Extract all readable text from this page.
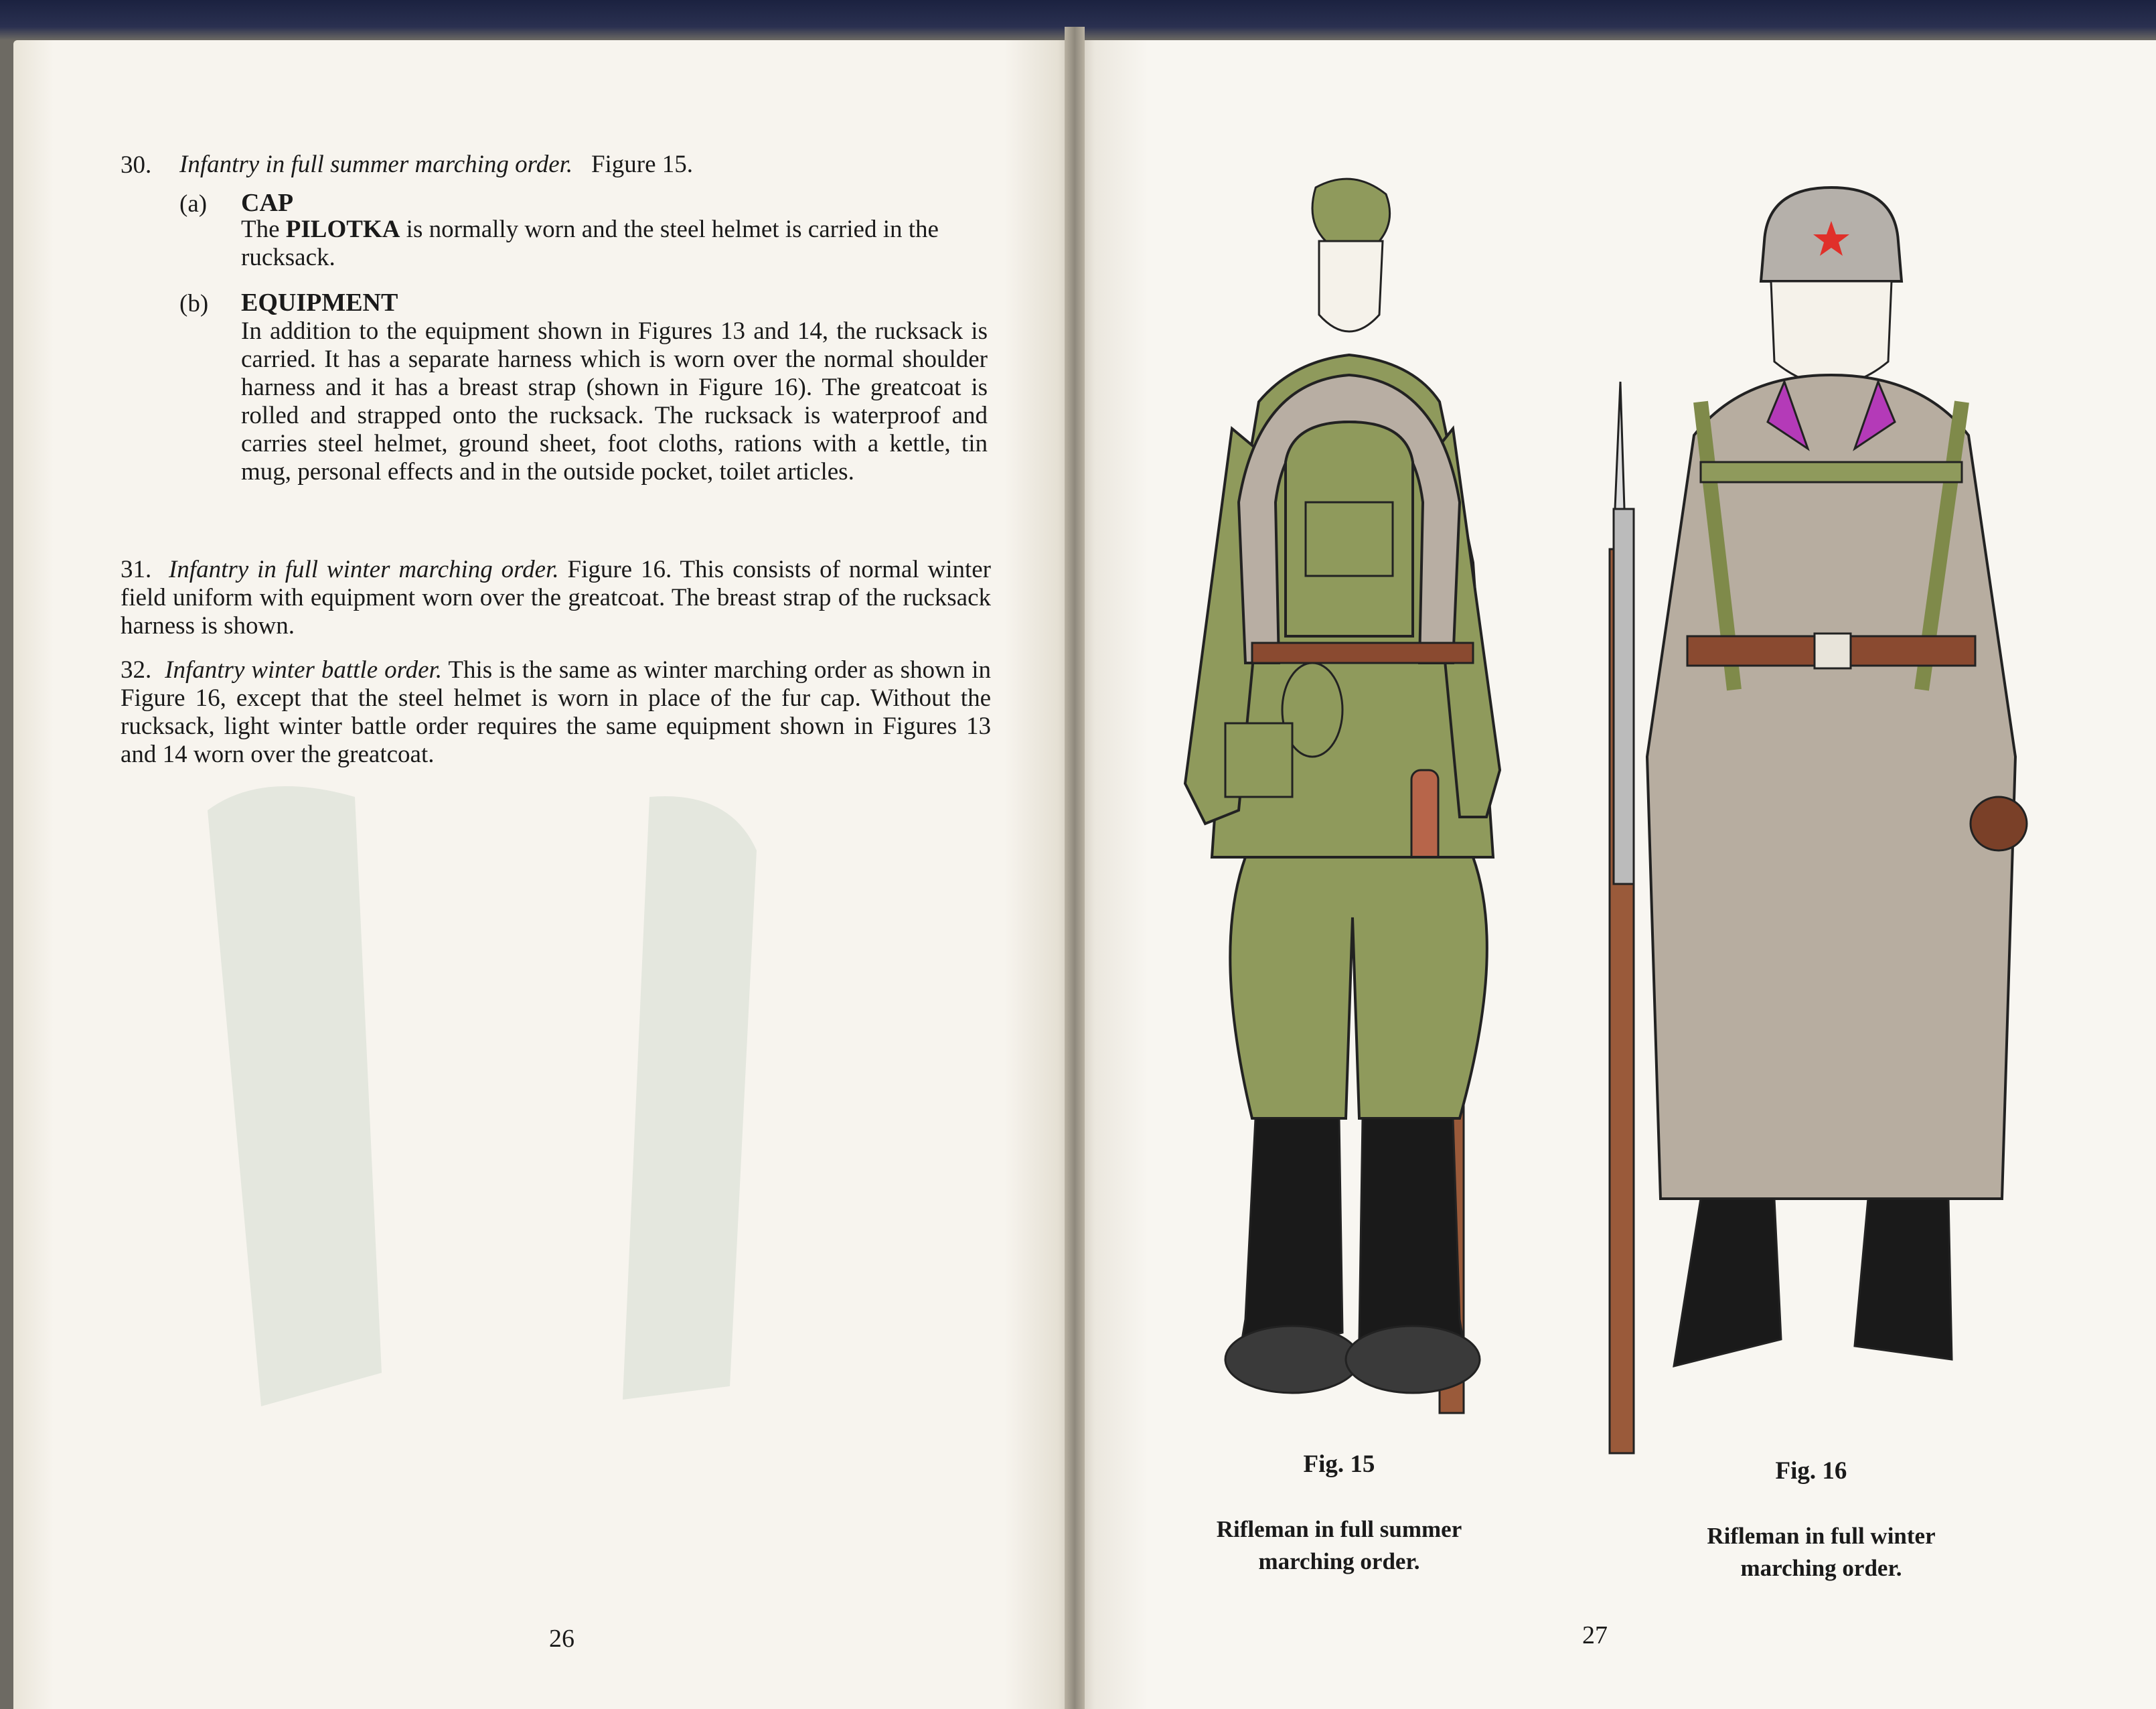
30. Infantry in full summer marching order. Figure 15.
(a) CAP
The PILOTKA is normally worn and the steel helmet is carried in the rucksack.
(b) EQUIPMENT
In addition to the equipment shown in Figures 13 and 14, the rucksack is carried. It has a separate harness which is worn over the normal shoulder harness and it has a breast strap (shown in Figure 16). The greatcoat is rolled and strapped onto the rucksack. The rucksack is waterproof and carries steel helmet, ground sheet, foot cloths, rations with a kettle, tin mug, personal effects and in the outside pocket, toilet articles.
31. Infantry in full winter marching order. Figure 16. This consists of normal winter field uniform with equipment worn over the greatcoat. The breast strap of the rucksack harness is shown.
32. Infantry winter battle order. This is the same as winter marching order as shown in Figure 16, except that the steel helmet is worn in place of the fur cap. Without the rucksack, light winter battle order requires the same equipment shown in Figures 13 and 14 worn over the greatcoat.
26
Fig. 15
Rifleman in full summer
marching order.
Fig. 16
Rifleman in full winter
marching order.
27
